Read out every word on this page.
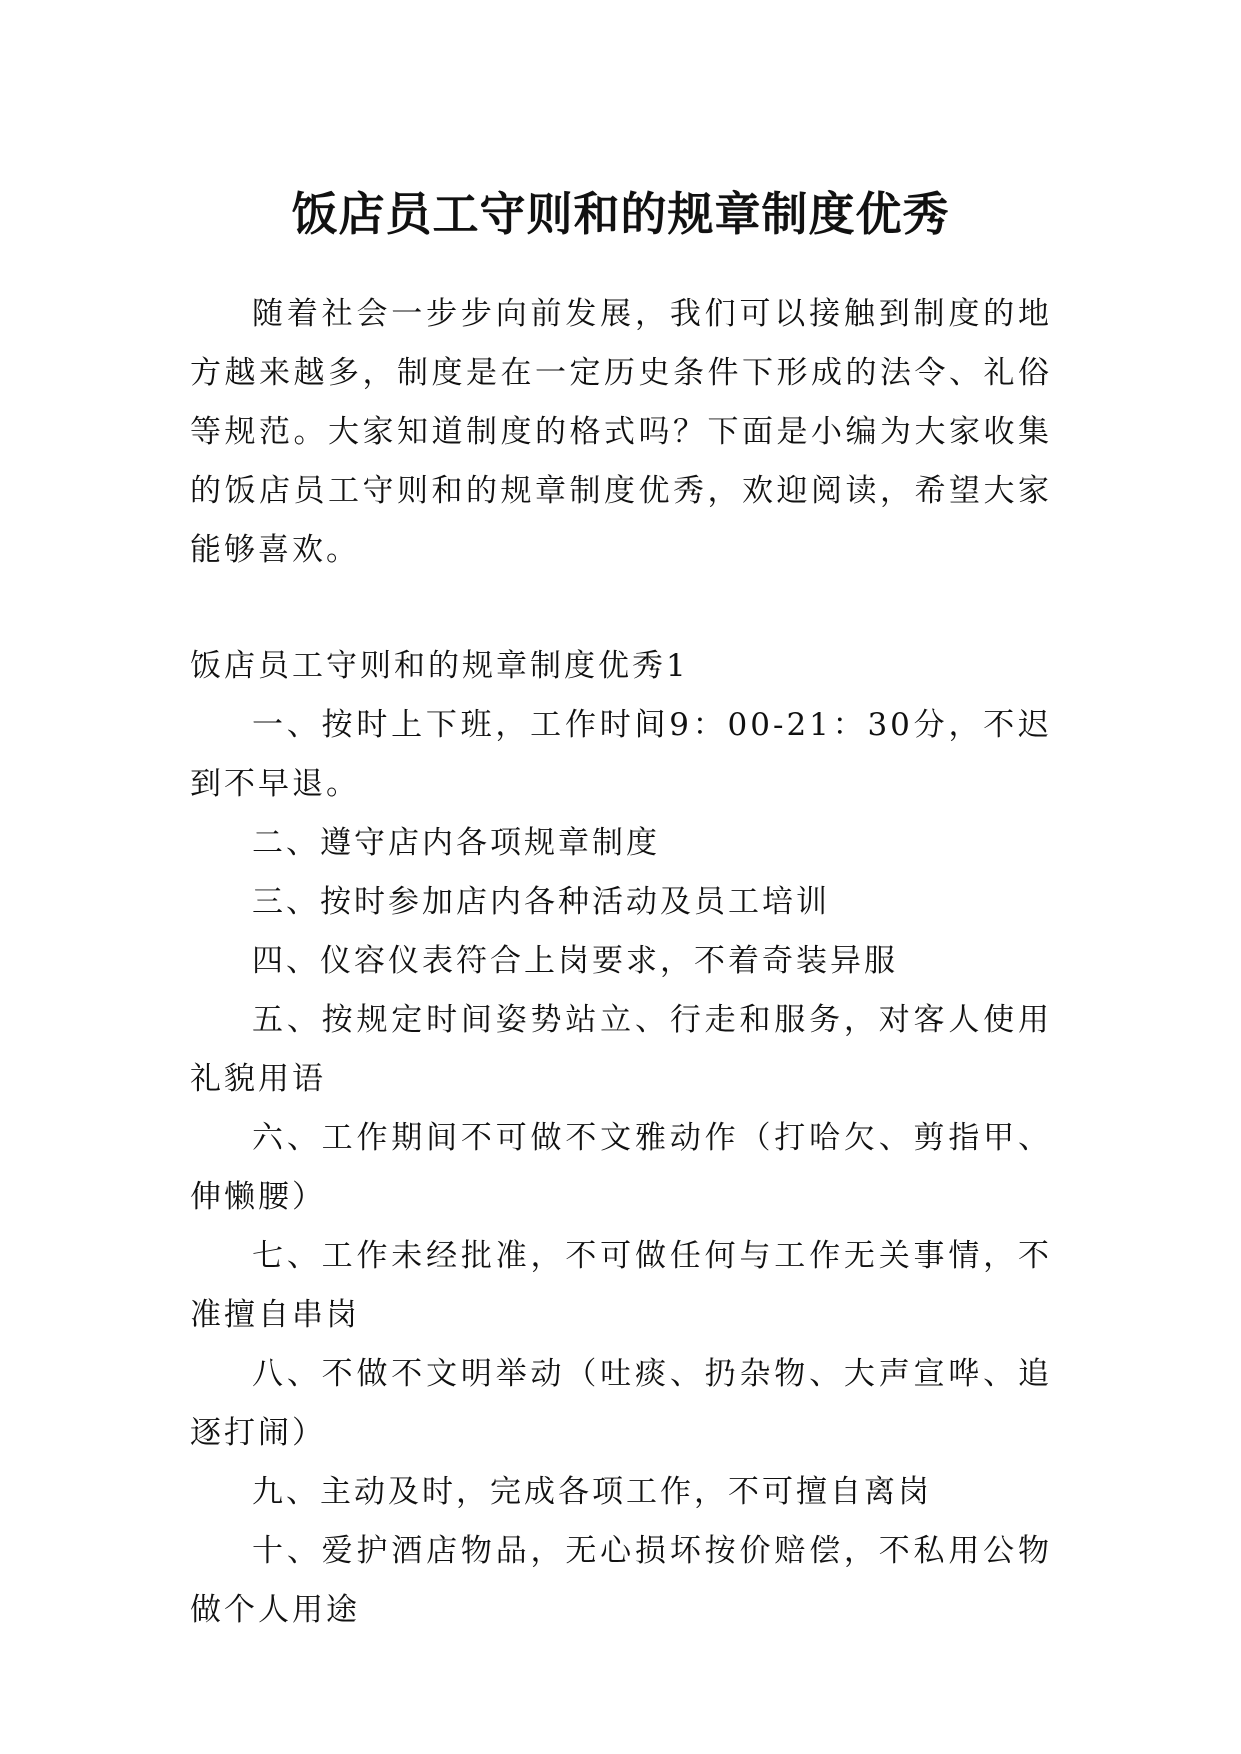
饭店员工守则和的规章制度优秀

随着社会一步步向前发展，我们可以接触到制度的地方越来越多，制度是在一定历史条件下形成的法令、礼俗等规范。大家知道制度的格式吗？下面是小编为大家收集的饭店员工守则和的规章制度优秀，欢迎阅读，希望大家能够喜欢。

饭店员工守则和的规章制度优秀1

一、按时上下班，工作时间9：00-21：30分，不迟到不早退。

二、遵守店内各项规章制度

三、按时参加店内各种活动及员工培训

四、仪容仪表符合上岗要求，不着奇装异服

五、按规定时间姿势站立、行走和服务，对客人使用礼貌用语

六、工作期间不可做不文雅动作（打哈欠、剪指甲、伸懒腰）

七、工作未经批准，不可做任何与工作无关事情，不准擅自串岗

八、不做不文明举动（吐痰、扔杂物、大声宣哗、追逐打闹）

九、主动及时，完成各项工作，不可擅自离岗

十、爱护酒店物品，无心损坏按价赔偿，不私用公物做个人用途
